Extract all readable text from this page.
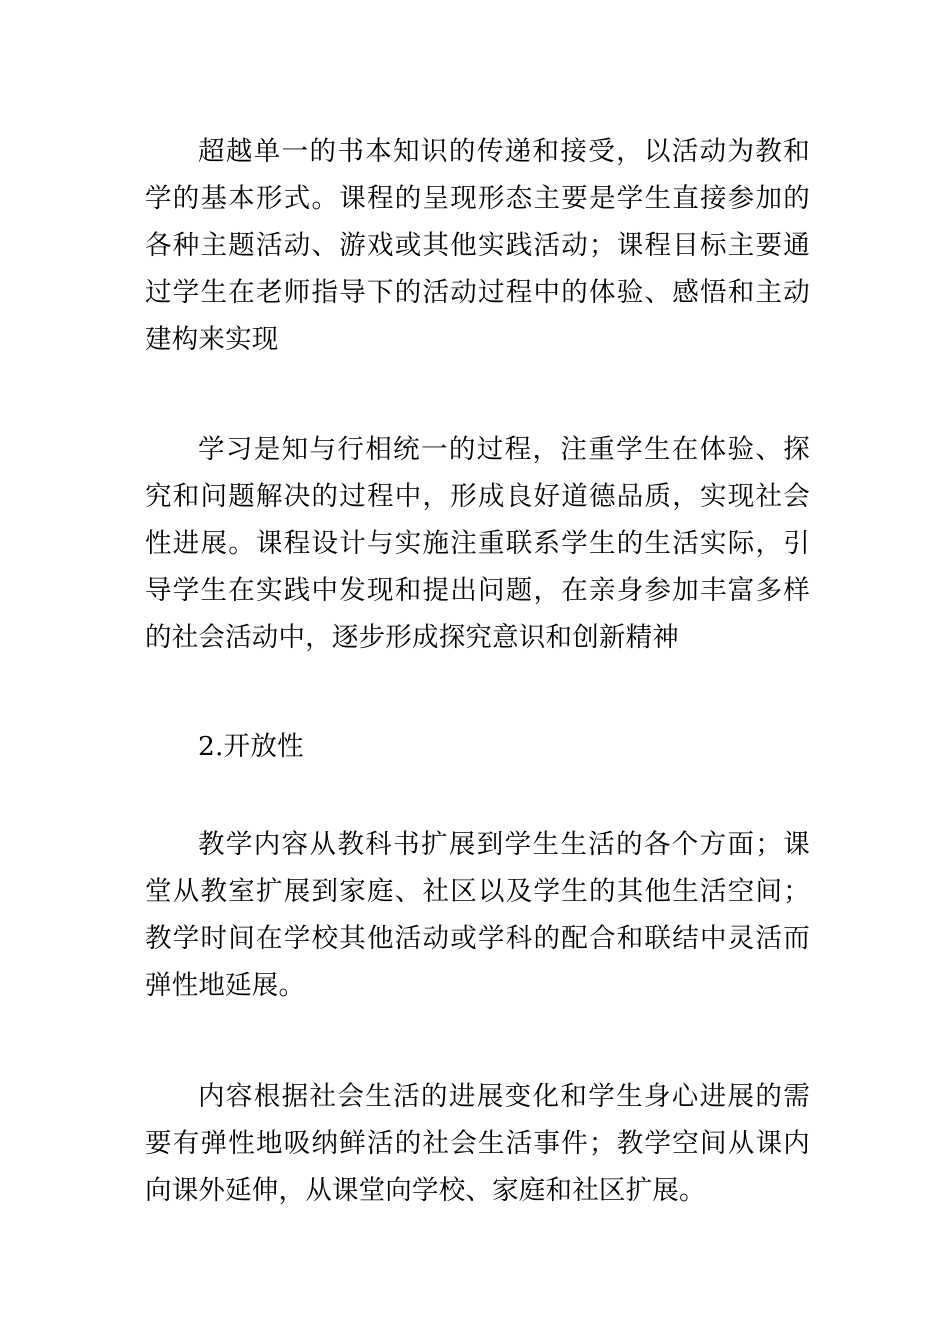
超越单一的书本知识的传递和接受，以活动为教和学的基本形式。课程的呈现形态主要是学生直接参加的各种主题活动、游戏或其他实践活动；课程目标主要通过学生在老师指导下的活动过程中的体验、感悟和主动建构来实现

学习是知与行相统一的过程，注重学生在体验、探究和问题解决的过程中，形成良好道德品质，实现社会性进展。课程设计与实施注重联系学生的生活实际，引导学生在实践中发现和提出问题，在亲身参加丰富多样的社会活动中，逐步形成探究意识和创新精神

2.开放性

教学内容从教科书扩展到学生生活的各个方面；课堂从教室扩展到家庭、社区以及学生的其他生活空间；教学时间在学校其他活动或学科的配合和联结中灵活而弹性地延展。

内容根据社会生活的进展变化和学生身心进展的需要有弹性地吸纳鲜活的社会生活事件；教学空间从课内向课外延伸，从课堂向学校、家庭和社区扩展。
